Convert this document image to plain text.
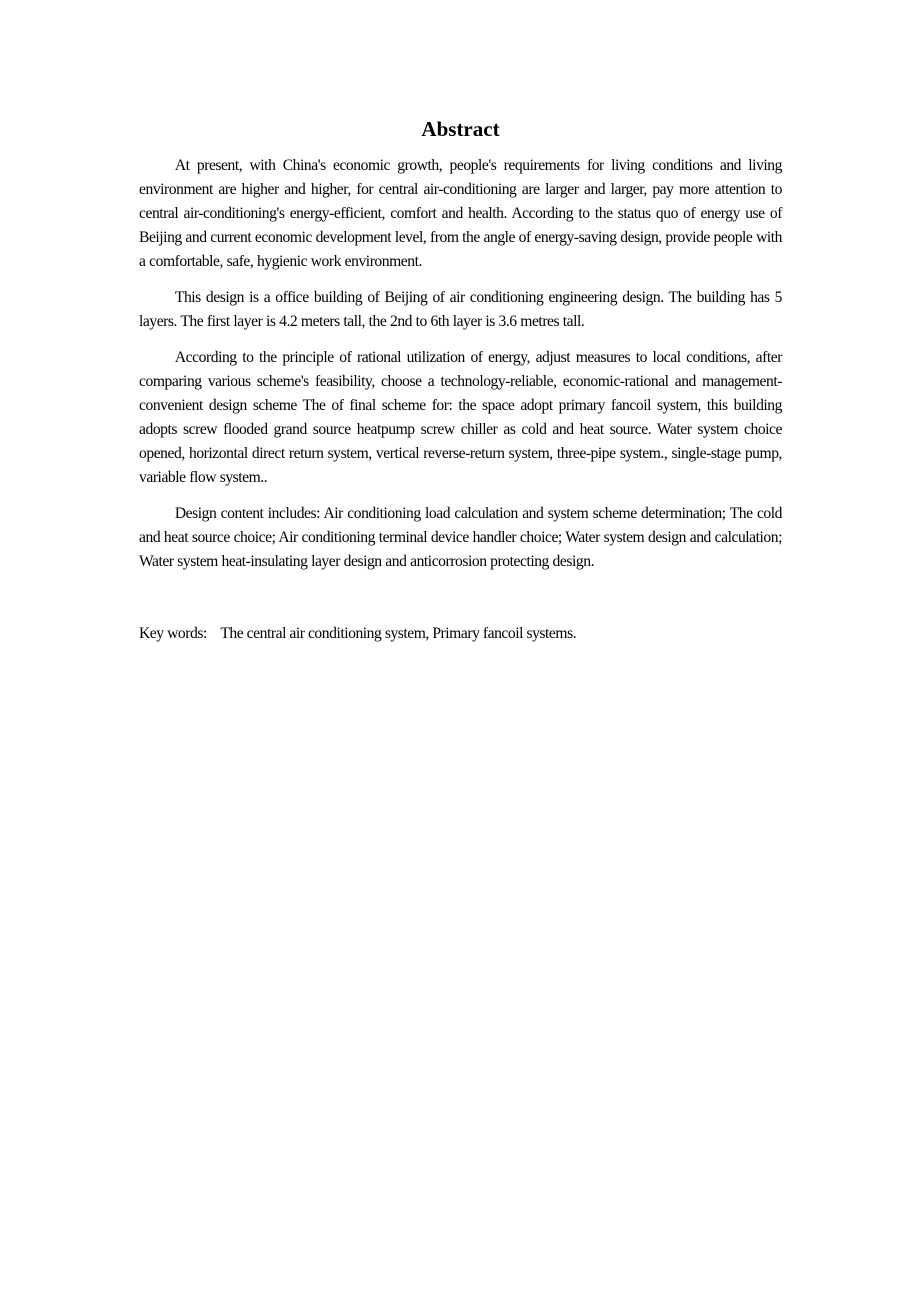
Abstract

At present, with China's economic growth, people's requirements for living conditions and living environment are higher and higher, for central air-conditioning are larger and larger, pay more attention to central air-conditioning's energy-efficient, comfort and health. According to the status quo of energy use of Beijing and current economic development level, from the angle of energy-saving design, provide people with a comfortable, safe, hygienic work environment.

This design is a office building of Beijing of air conditioning engineering design. The building has 5 layers. The first layer is 4.2 meters tall, the 2nd to 6th layer is 3.6 metres tall.

According to the principle of rational utilization of energy, adjust measures to local conditions, after comparing various scheme's feasibility, choose a technology-reliable, economic-rational and management-convenient design scheme The of final scheme for: the space adopt primary fancoil system, this building adopts screw flooded grand source heatpump screw chiller as cold and heat source. Water system choice opened, horizontal direct return system, vertical reverse-return system, three-pipe system., single-stage pump, variable flow system..

Design content includes: Air conditioning load calculation and system scheme determination; The cold and heat source choice; Air conditioning terminal device handler choice; Water system design and calculation; Water system heat-insulating layer design and anticorrosion protecting design.

Key words:    The central air conditioning system, Primary fancoil systems.
